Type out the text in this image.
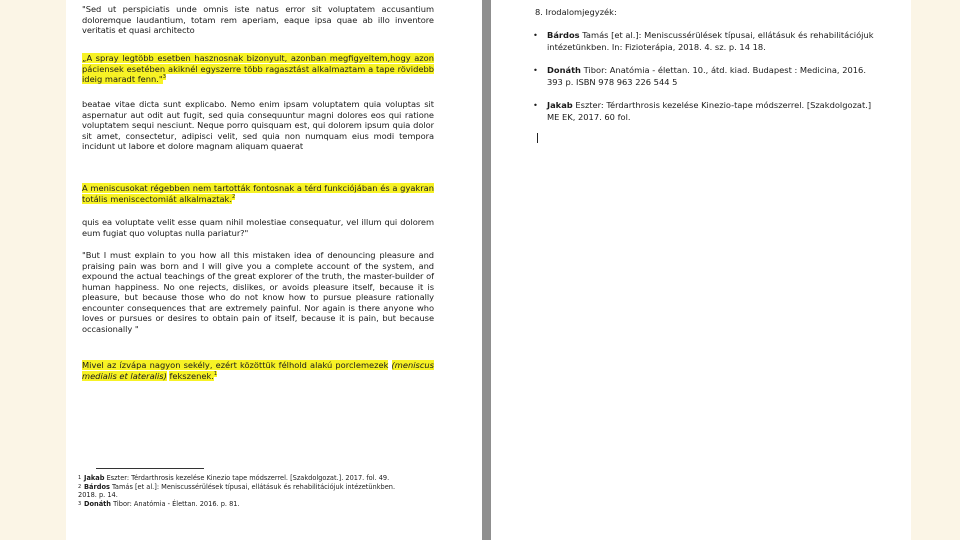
"Sed ut perspiciatis unde omnis iste natus error sit voluptatem accusantium doloremque laudantium, totam rem aperiam, eaque ipsa quae ab illo inventore veritatis et quasi architecto
„A spray legtöbb esetben hasznosnak bizonyult, azonban megfigyeltem,hogy azon páciensek esetében akiknél egyszerre több ragasztást alkalmaztam a tape rövidebb ideig maradt fenn."$^3$
beatae vitae dicta sunt explicabo. Nemo enim ipsam voluptatem quia voluptas sit aspernatur aut odit aut fugit, sed quia consequuntur magni dolores eos qui ratione voluptatem sequi nesciunt. Neque porro quisquam est, qui dolorem ipsum quia dolor sit amet, consectetur, adipisci velit, sed quia non numquam eius modi tempora incidunt ut labore et dolore magnam aliquam quaerat
A meniscusokat régebben nem tartották fontosnak a térd funkciójában és a gyakran totális meniscectomiát alkalmaztak.$^2$
quis ea voluptate velit esse quam nihil molestiae consequatur, vel illum qui dolorem eum fugiat quo voluptas nulla pariatur?"
"But I must explain to you how all this mistaken idea of denouncing pleasure and praising pain was born and I will give you a complete account of the system, and expound the actual teachings of the great explorer of the truth, the master-builder of human happiness. No one rejects, dislikes, or avoids pleasure itself, because it is pleasure, but because those who do not know how to pursue pleasure rationally encounter consequences that are extremely painful. Nor again is there anyone who loves or pursues or desires to obtain pain of itself, because it is pain, but because occasionally "
Mivel az ízvápa nagyon sekély, ezért közöttük félhold alakú porclemezek (meniscus medialis et lateralis) fekszenek.$^1$
1 Jakab Eszter: Térdarthrosis kezelése Kinezio tape módszerrel. [Szakdolgozat.]. 2017. fol. 49.
2 Bárdos Tamás [et al.]: Meniscussérülések típusai, ellátásuk és rehabilitációjuk intézetünkben. 2018. p. 14.
3 Donáth Tibor: Anatómia - Élettan. 2016. p. 81.
8. Irodalomjegyzék:
• Bárdos Tamás [et al.]: Meniscussérülések típusai, ellátásuk és rehabilitációjuk intézetünkben. In: Fizioterápia, 2018. 4. sz. p. 14 18.
• Donáth Tibor: Anatómia - élettan. 10., átd. kiad. Budapest : Medicina, 2016. 393 p. ISBN 978 963 226 544 5
• Jakab Eszter: Térdarthrosis kezelése Kinezio-tape módszerrel. [Szakdolgozat.] ME EK, 2017. 60 fol.
